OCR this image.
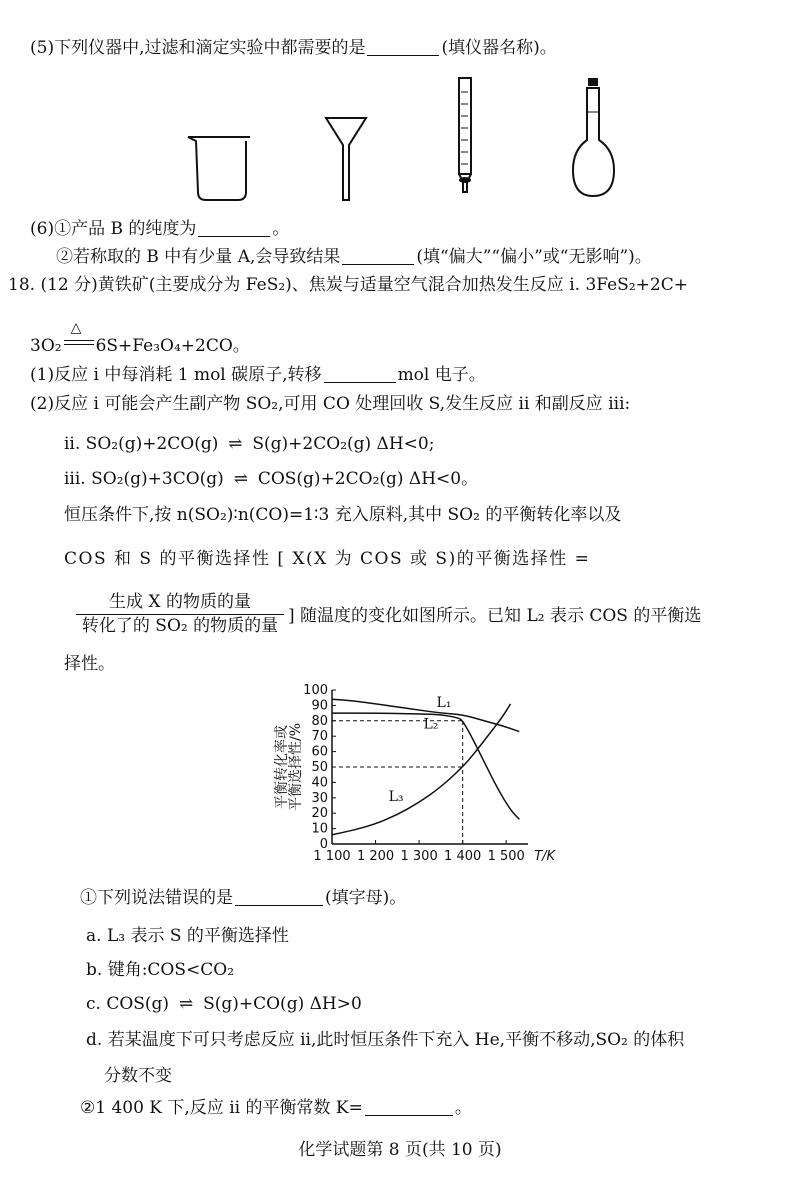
(5)下列仪器中,过滤和滴定实验中都需要的是	(填仪器名称)。
(6)①产品 B 的纯度为	。
②若称取的 B 中有少量 A,会导致结果	(填“偏大”“偏小”或“无影响”)。
18. (12 分)黄铁矿(主要成分为 FeS₂)、焦炭与适量空气混合加热发生反应 i. 3FeS₂+2C+
3O₂
△
6S+Fe₃O₄+2CO。
(1)反应 i 中每消耗 1 mol 碳原子,转移	mol 电子。
(2)反应 i 可能会产生副产物 SO₂,可用 CO 处理回收 S,发生反应 ii 和副反应 iii:
ii. SO₂(g)+2CO(g) ⇌ S(g)+2CO₂(g) ΔH<0;
iii. SO₂(g)+3CO(g) ⇌ COS(g)+2CO₂(g) ΔH<0。
恒压条件下,按 n(SO₂)∶n(CO)=1∶3 充入原料,其中 SO₂ 的平衡转化率以及
COS 和 S 的平衡选择性 [ X(X 为 COS 或 S)的平衡选择性 =
生成 X 的物质的量
转化了的 SO₂ 的物质的量 ] 随温度的变化如图所示。已知 L₂ 表示 COS 的平衡选
择性。
0
10
20
30
40
50
60
70
80
90
100
1 100 1 200 1 300 1 400 1 500 T/K
平衡转化率或
平衡选择性/%
L₁
L₂
L₃
①下列说法错误的是	(填字母)。
a. L₃ 表示 S 的平衡选择性
b. 键角:COS<CO₂
c. COS(g) ⇌ S(g)+CO(g) ΔH>0
d. 若某温度下可只考虑反应 ii,此时恒压条件下充入 He,平衡不移动,SO₂ 的体积
分数不变
②1 400 K 下,反应 ii 的平衡常数 K=	。
化学试题第 8 页(共 10 页)
